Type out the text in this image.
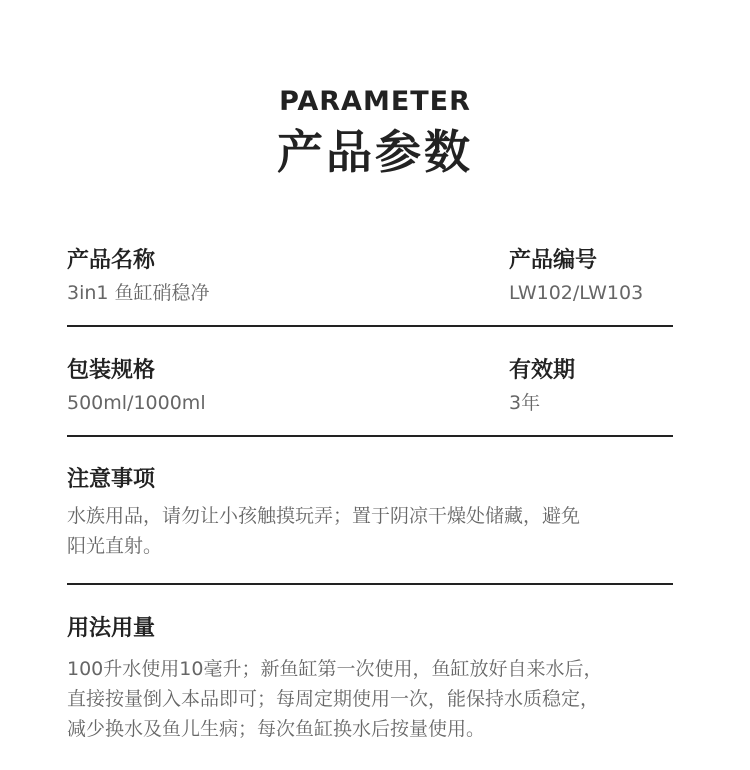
PARAMETER
产品参数
产品名称
3in1 鱼缸硝稳净
产品编号
LW102/LW103
包装规格
500ml/1000ml
有效期
3年
注意事项
水族用品，请勿让小孩触摸玩弄；置于阴凉干燥处储藏，避免
阳光直射。
用法用量
100升水使用10毫升；新鱼缸第一次使用，鱼缸放好自来水后，
直接按量倒入本品即可；每周定期使用一次，能保持水质稳定，
减少换水及鱼儿生病；每次鱼缸换水后按量使用。
